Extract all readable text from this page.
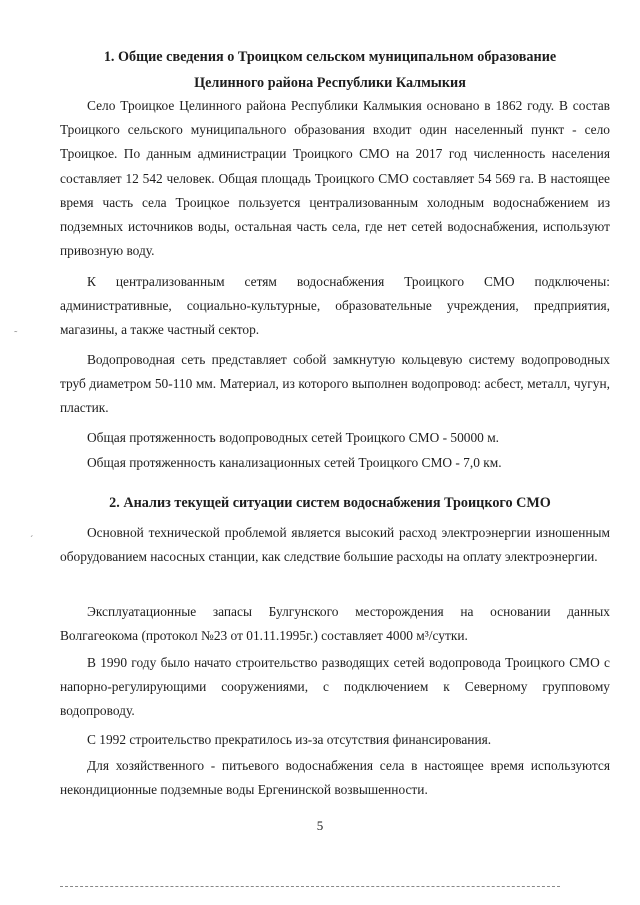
1. Общие сведения о Троицком сельском муниципальном образование
Целинного района Республики Калмыкия

Село Троицкое Целинного района Республики Калмыкия основано в 1862 году. В состав Троицкого сельского муниципального образования входит один населенный пункт - село Троицкое. По данным администрации Троицкого СМО на 2017 год численность населения составляет 12 542 человек. Общая площадь Троицкого СМО составляет 54 569 га. В настоящее время часть села Троицкое пользуется централизованным холодным водоснабжением из подземных источников воды, остальная часть села, где нет сетей водоснабжения, используют привозную воду.

К централизованным сетям водоснабжения Троицкого СМО подключены: административные, социально-культурные, образовательные учреждения, предприятия, магазины, а также частный сектор.

Водопроводная сеть представляет собой замкнутую кольцевую систему водопроводных труб диаметром 50-110 мм. Материал, из которого выполнен водопровод: асбест, металл, чугун, пластик.

Общая протяженность водопроводных сетей Троицкого СМО - 50000 м.

Общая протяженность канализационных сетей Троицкого СМО - 7,0 км.

2. Анализ текущей ситуации систем водоснабжения Троицкого СМО

Основной технической проблемой является высокий расход электроэнергии изношенным оборудованием насосных станции, как следствие большие расходы на оплату электроэнергии.

Эксплуатационные запасы Булгунского месторождения на основании данных Волгагеокома (протокол №23 от 01.11.1995г.) составляет 4000 м³/сутки.

В 1990 году было начато строительство разводящих сетей водопровода Троицкого СМО с напорно-регулирующими сооружениями, с подключением к Северному групповому водопроводу.

С 1992 строительство прекратилось из-за отсутствия финансирования.

Для хозяйственного - питьевого водоснабжения села в настоящее время используются некондиционные подземные воды Ергенинской возвышенности.

5
˜
ˊ
